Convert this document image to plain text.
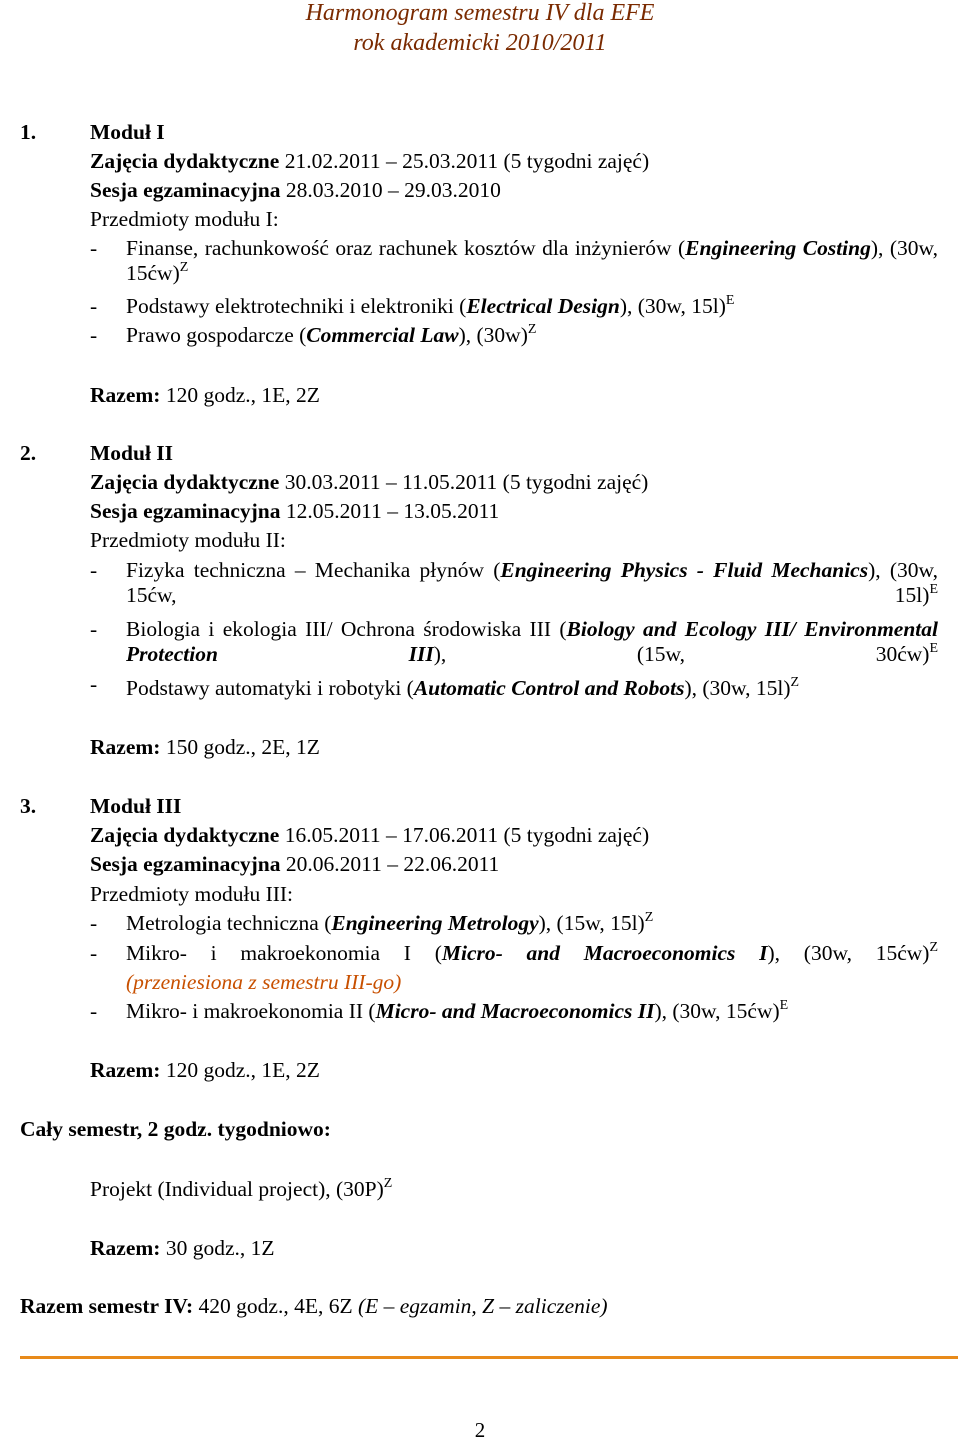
Harmonogram semestru IV dla EFE
rok akademicki 2010/2011
1.	Moduł I
Zajęcia dydaktyczne 21.02.2011 – 25.03.2011 (5 tygodni zajęć)
Sesja egzaminacyjna 28.03.2010 – 29.03.2010
Przedmioty modułu I:
- Finanse, rachunkowość oraz rachunek kosztów dla inżynierów (Engineering Costing), (30w, 15ćw)$^Z$
- Podstawy elektrotechniki i elektroniki (Electrical Design), (30w, 15l)$^E$
- Prawo gospodarcze (Commercial Law), $(30w)^Z$
Razem: 120 godz., 1E, 2Z
2.	Moduł II
Zajęcia dydaktyczne 30.03.2011 – 11.05.2011 (5 tygodni zajęć)
Sesja egzaminacyjna 12.05.2011 – 13.05.2011
Przedmioty modułu II:
- Fizyka techniczna – Mechanika płynów (Engineering Physics - Fluid Mechanics), (30w, 15ćw, 15l)$^E$
- Biologia i ekologia III/ Ochrona środowiska III (Biology and Ecology III/ Environmental Protection III), (15w, 30ćw)$^E$
- Podstawy automatyki i robotyki (Automatic Control and Robots), (30w, 15l)$^Z$
Razem: 150 godz., 2E, 1Z
3.	Moduł III
Zajęcia dydaktyczne 16.05.2011 – 17.06.2011 (5 tygodni zajęć)
Sesja egzaminacyjna 20.06.2011 – 22.06.2011
Przedmioty modułu III:
- Metrologia techniczna (Engineering Metrology), (15w, 15l)$^Z$
- Mikro- i makroekonomia I (Micro- and Macroeconomics I), (30w, 15ćw)$^Z$
(przeniesiona z semestru III-go)
- Mikro- i makroekonomia II (Micro- and Macroeconomics II), (30w, 15ćw)$^E$
Razem: 120 godz., 1E, 2Z
Cały semestr, 2 godz. tygodniowo:
Projekt (Individual project), $(30P)^Z$
Razem: 30 godz., 1Z
Razem semestr IV: 420 godz., 4E, 6Z (E – egzamin, Z – zaliczenie)
2
